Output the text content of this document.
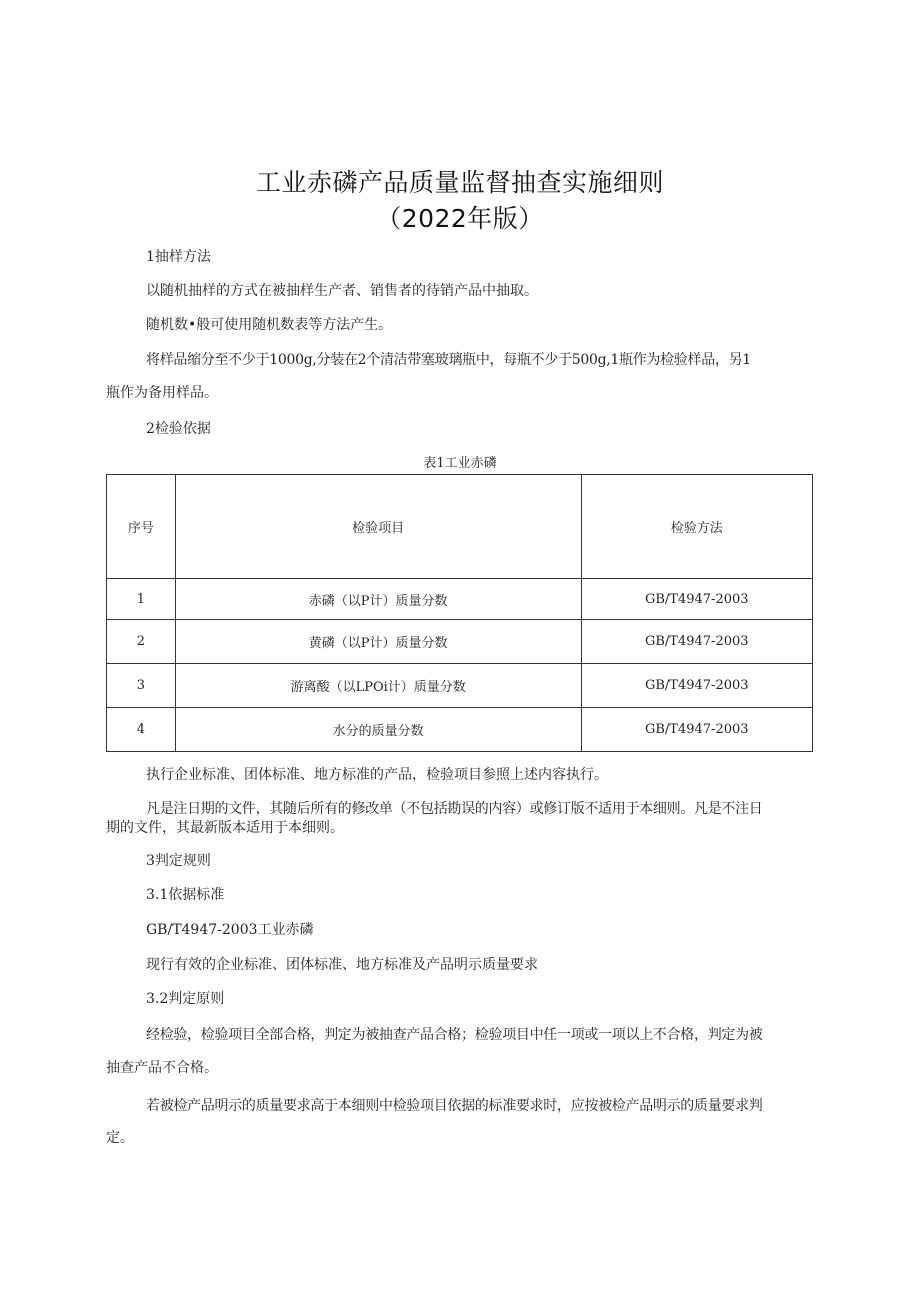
工业赤磷产品质量监督抽查实施细则
（2022年版）
1抽样方法
以随机抽样的方式在被抽样生产者、销售者的待销产品中抽取。
随机数•般可使用随机数表等方法产生。
将样品缩分至不少于1000g,分装在2个清洁带塞玻璃瓶中，每瓶不少于500g,1瓶作为检验样品，另1
瓶作为备用样品。
2检验依据
表1工业赤磷
序号	检验项目	检验方法
1	赤磷（以P计）质量分数	GB/T4947-2003
2	黄磷（以P计）质量分数	GB/T4947-2003
3	游离酸（以LPOi计）质量分数	GB/T4947-2003
4	水分的质量分数	GB/T4947-2003
执行企业标准、团体标准、地方标准的产品，检验项目参照上述内容执行。
凡是注日期的文件，其随后所有的修改单（不包括勘误的内容）或修订版不适用于本细则。凡是不注日
期的文件，其最新版本适用于本细则。
3判定规则
3.1依据标准
GB/T4947-2003工业赤磷
现行有效的企业标准、团体标准、地方标准及产品明示质量要求
3.2判定原则
经检验，检验项目全部合格，判定为被抽查产品合格；检验项目中任一项或一项以上不合格，判定为被
抽查产品不合格。
若被检产品明示的质量要求高于本细则中检验项目依据的标准要求时，应按被检产品明示的质量要求判
定。
